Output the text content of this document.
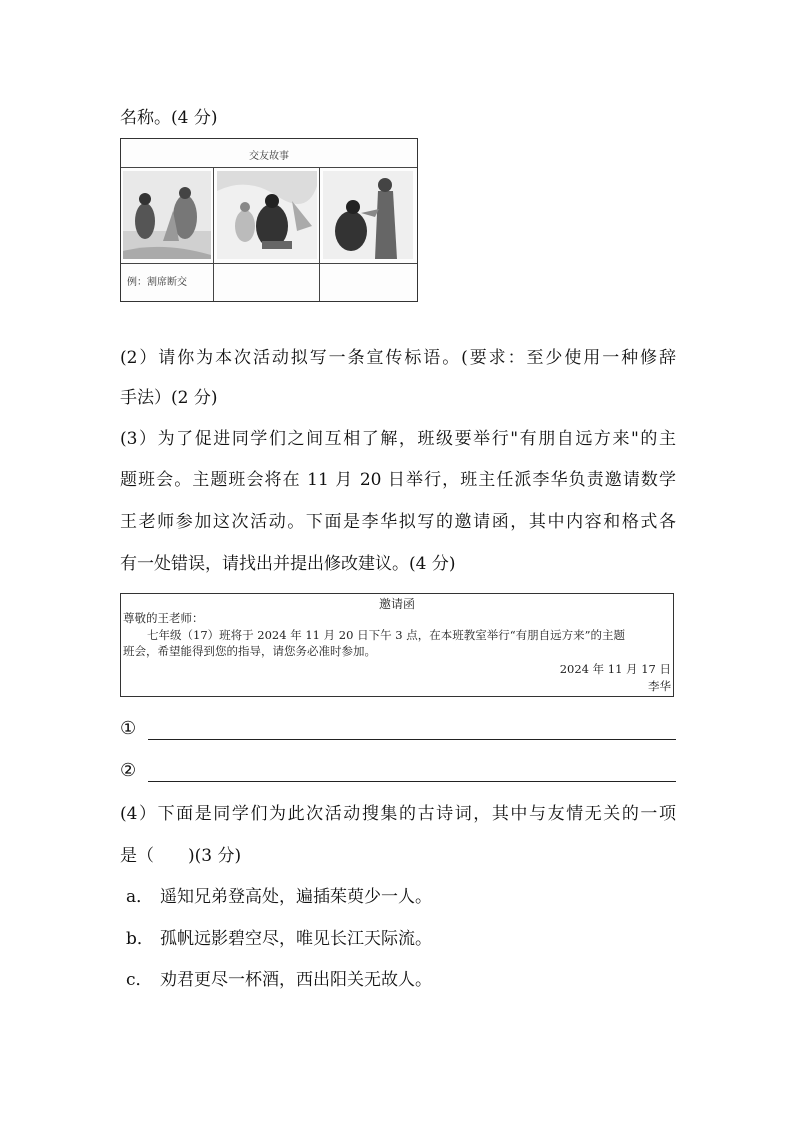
名称。(4 分)
交友故事
例：割席断交
(2）请你为本次活动拟写一条宣传标语。(要求：至少使用一种修辞
手法）(2 分)
(3）为了促进同学们之间互相了解，班级要举行"有朋自远方来"的主
题班会。主题班会将在 11 月 20 日举行，班主任派李华负责邀请数学
王老师参加这次活动。下面是李华拟写的邀请函，其中内容和格式各
有一处错误，请找出并提出修改建议。(4 分)
邀请函
尊敬的王老师：
七年级（17）班将于 2024 年 11 月 20 日下午 3 点，在本班教室举行“有朋自远方来”的主题
班会，希望能得到您的指导，请您务必准时参加。
2024 年 11 月 17 日
李华
①
②
(4）下面是同学们为此次活动搜集的古诗词，其中与友情无关的一项
是（　　)(3 分)
a． 遥知兄弟登高处，遍插茱萸少一人。
b． 孤帆远影碧空尽，唯见长江天际流。
c． 劝君更尽一杯酒，西出阳关无故人。
